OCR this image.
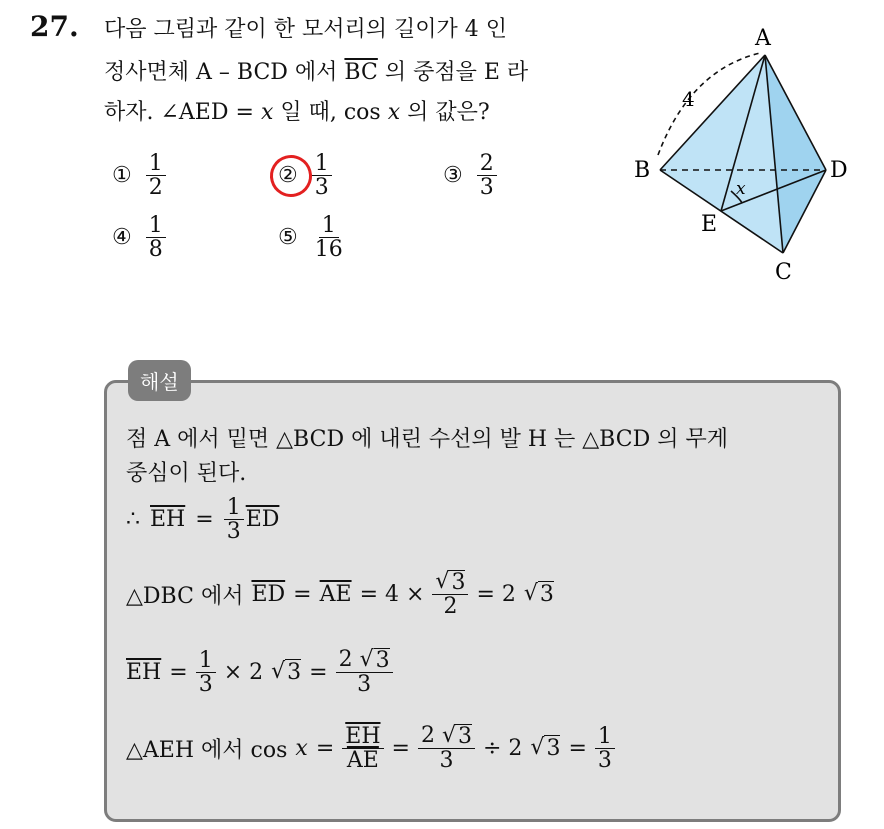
27. 다음 그림과 같이 한 모서리의 길이가 4 인
정사면체 A – BCD 에서 $\overline{BC}$ 의 중점을 E 라
하자. ∠AED = x 일 때, cos x 의 값은?
① $\frac{1}{2}$	② $\frac{1}{3}$	③ $\frac{2}{3}$
④ $\frac{1}{8}$	⑤ $\frac{1}{16}$
A
B	D
E
C
4
x
해설
점 A 에서 밑면 △BCD 에 내린 수선의 발 H 는 △BCD 의 무게
중심이 된다.
∴ $\overline{EH} = \frac{1}{3} \overline{ED}$
△DBC 에서 $\overline{ED} = \overline{AE} = 4 \times \frac{√ 3}{2} = 2$ √ 3
$\overline{EH} = \frac{1}{3} \times 2$ √ $3 = \frac{2 √ 3}{3}$
△AEH 에서 $\cos x = \frac{\overline{EH}}{AE} = \frac{2 √ 3}{3} \div 2$ √ $3 = \frac{1}{3}$
